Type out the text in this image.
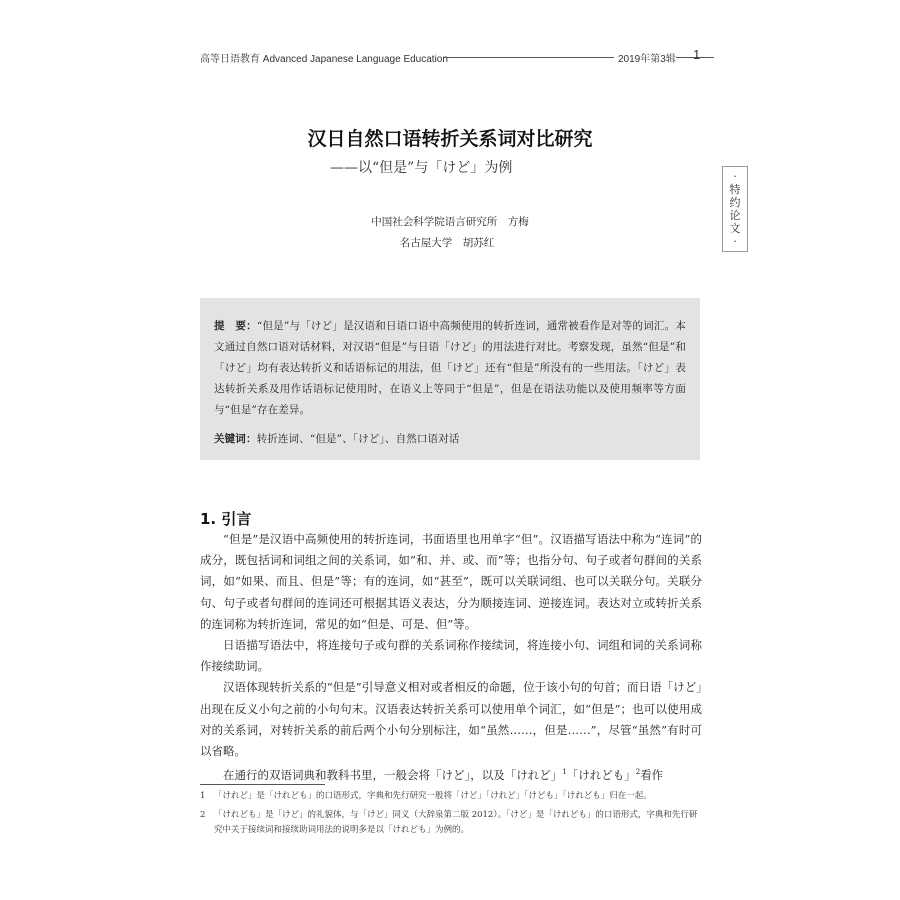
高等日语教育 Advanced Japanese Language Education	2019年第3辑 1
·
特
约
论
文
·
汉日自然口语转折关系词对比研究
——以“但是”与「けど」为例
中国社会科学院语言研究所　方梅
名古屋大学　胡苏红

提　要：“但是”与「けど」是汉语和日语口语中高频使用的转折连词，通常被看作是对等的词汇。本文通过自然口语对话材料，对汉语“但是”与日语「けど」的用法进行对比。考察发现，虽然“但是”和「けど」均有表达转折义和话语标记的用法，但「けど」还有“但是”所没有的一些用法。「けど」表达转折关系及用作话语标记使用时，在语义上等同于“但是”，但是在语法功能以及使用频率等方面与“但是”存在差异。

关键词：转折连词、“但是”、「けど」、自然口语对话

1. 引言

“但是”是汉语中高频使用的转折连词，书面语里也用单字“但”。汉语描写语法中称为“连词”的成分，既包括词和词组之间的关系词，如“和、并、或、而”等；也指分句、句子或者句群间的关系词，如“如果、而且、但是”等；有的连词，如“甚至”，既可以关联词组、也可以关联分句。关联分句、句子或者句群间的连词还可根据其语义表达，分为顺接连词、逆接连词。表达对立或转折关系的连词称为转折连词，常见的如“但是、可是、但”等。

日语描写语法中，将连接句子或句群的关系词称作接续词，将连接小句、词组和词的关系词称作接续助词。

汉语体现转折关系的“但是”引导意义相对或者相反的命题，位于该小句的句首；而日语「けど」出现在反义小句之前的小句句末。汉语表达转折关系可以使用单个词汇，如“但是”；也可以使用成对的关系词，对转折关系的前后两个小句分别标注，如“虽然……，但是……”，尽管“虽然”有时可以省略。

在通行的双语词典和教科书里，一般会将「けど」，以及「けれど」$^1$「けれども」$^2$看作

1 「けれど」是「けれども」的口语形式，字典和先行研究一般将「けど」「けれど」「けども」「けれども」归在一起。
2 「けれども」是「けど」的礼貌体，与「けど」同义（大辞泉第二版 2012）。「けど」是「けれども」的口语形式，字典和先行研究中关于接续词和接续助词用法的说明多是以「けれども」为例的。
